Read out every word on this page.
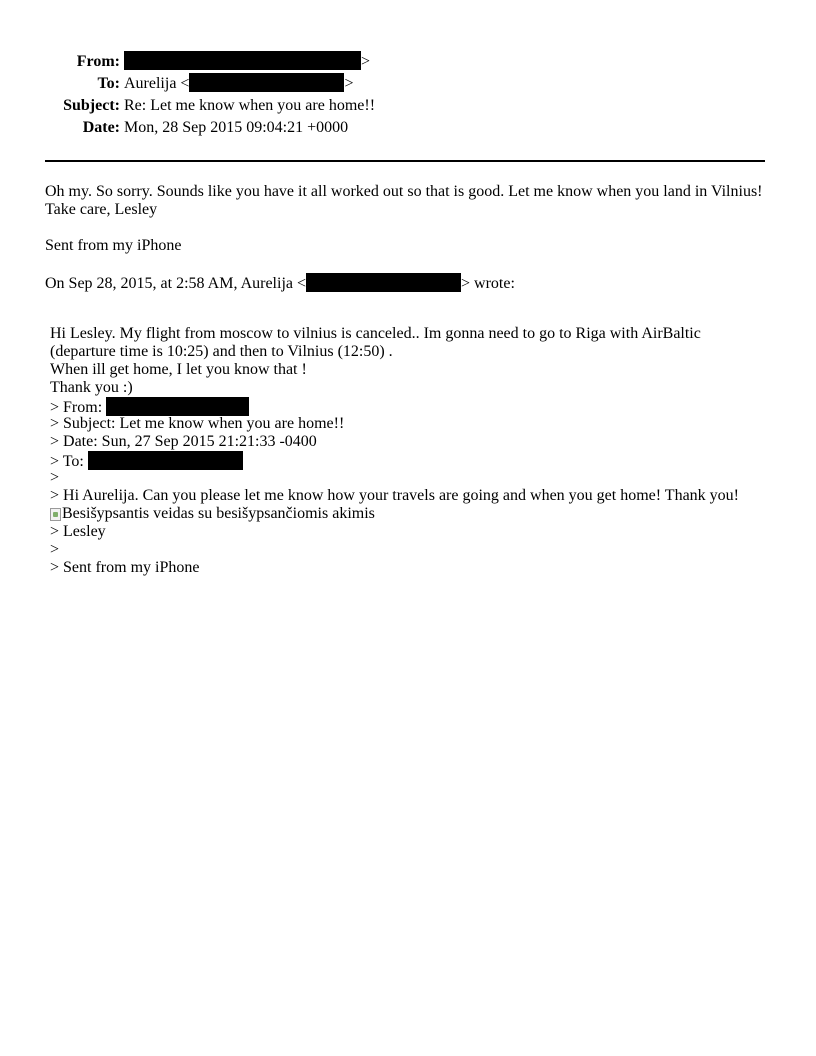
From:	>
To: Aurelija <	>
Subject: Re: Let me know when you are home!!
Date: Mon, 28 Sep 2015 09:04:21 +0000
Oh my. So sorry. Sounds like you have it all worked out so that is good. Let me know when you land in Vilnius!
Take care, Lesley
Sent from my iPhone
On Sep 28, 2015, at 2:58 AM, Aurelija <	> wrote:
Hi Lesley. My flight from moscow to vilnius is canceled.. Im gonna need to go to Riga with AirBaltic
(departure time is 10:25) and then to Vilnius (12:50) .
When ill get home, I let you know that !
Thank you :)
> From:
> Subject: Let me know when you are home!!
> Date: Sun, 27 Sep 2015 21:21:33 -0400
> To:
>
> Hi Aurelija. Can you please let me know how your travels are going and when you get home! Thank you!
Besišypsantis veidas su besišypsančiomis akimis
> Lesley
>
> Sent from my iPhone
